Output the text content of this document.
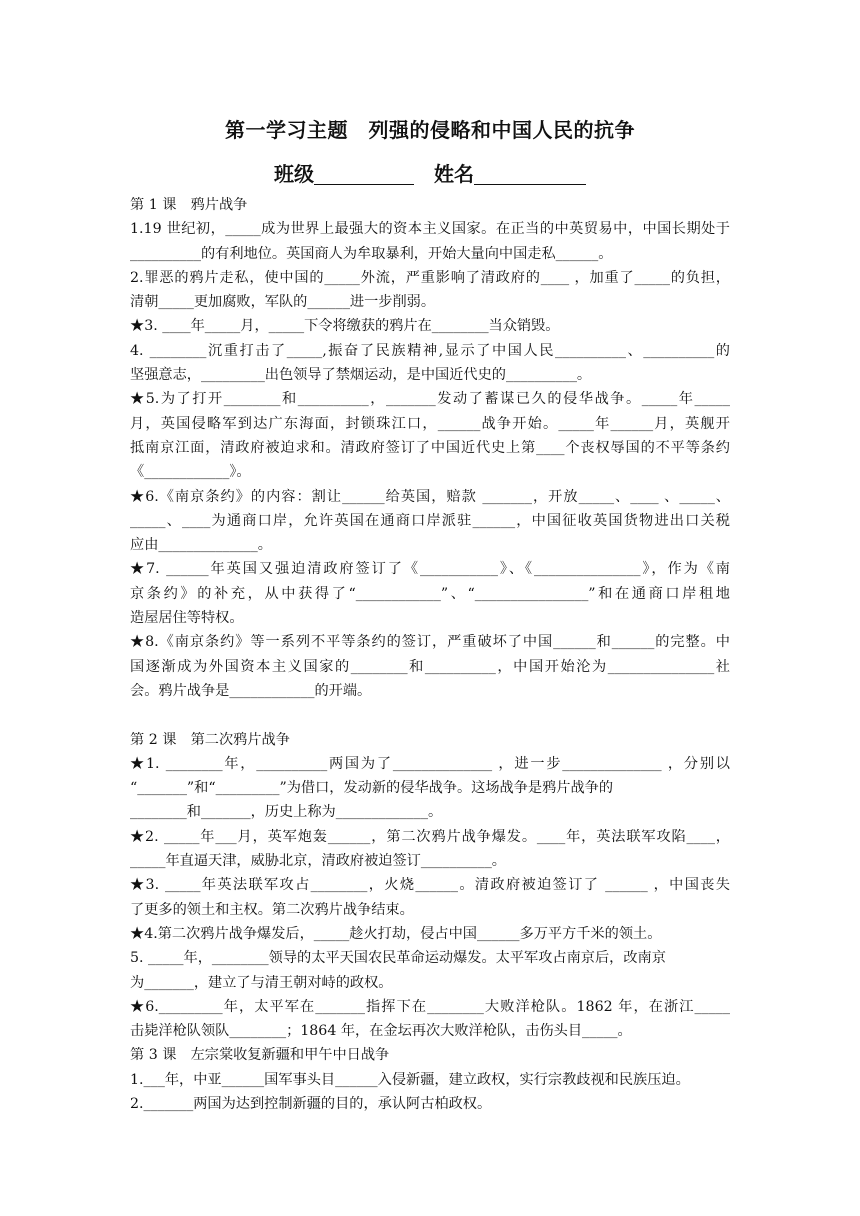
第一学习主题　列强的侵略和中国人民的抗争
班级	姓名
第 1 课　鸦片战争
1.19 世纪初，_____成为世界上最强大的资本主义国家。在正当的中英贸易中，中国长期处于
__________的有利地位。英国商人为牟取暴利，开始大量向中国走私______。
2.罪恶的鸦片走私，使中国的_____外流，严重影响了清政府的____ ，加重了_____的负担，
清朝_____更加腐败，军队的______进一步削弱。
★3. ____年_____月，_____下令将缴获的鸦片在________当众销毁。
4. ________沉重打击了_____,振奋了民族精神,显示了中国人民__________、__________的
坚强意志，_________出色领导了禁烟运动，是中国近代史的__________。
★5.为了打开________和__________，_______发动了蓄谋已久的侵华战争。_____年_____
月，英国侵略军到达广东海面，封锁珠江口，______战争开始。_____年______月，英舰开
抵南京江面，清政府被迫求和。清政府签订了中国近代史上第____个丧权辱国的不平等条约
《____________》。
★6.《南京条约》的内容：割让______给英国，赔款 _______，开放_____、____ 、_____、
_____、____为通商口岸，允许英国在通商口岸派驻______，中国征收英国货物进出口关税
应由______________。
★7. ______年英国又强迫清政府签订了《___________》、《_______________》，作为《南
京条约》的补充，从中获得了“____________”、“________________”和在通商口岸租地
造屋居住等特权。
★8.《南京条约》等一系列不平等条约的签订，严重破坏了中国______和______的完整。中
国逐渐成为外国资本主义国家的________和__________，中国开始沦为_______________社
会。鸦片战争是____________的开端。
第 2 课　第二次鸦片战争
★1. ________年，__________两国为了______________ ，进一步______________ ，分别以
“_______”和“_________”为借口，发动新的侵华战争。这场战争是鸦片战争的
________和_______，历史上称为_____________。
★2. _____年___月，英军炮轰______，第二次鸦片战争爆发。____年，英法联军攻陷____，
_____年直逼天津，威胁北京，清政府被迫签订__________。
★3. _____年英法联军攻占________，火烧______。清政府被迫签订了 ______ ，中国丧失
了更多的领土和主权。第二次鸦片战争结束。
★4.第二次鸦片战争爆发后，_____趁火打劫，侵占中国______多万平方千米的领土。
5. _____年，________领导的太平天国农民革命运动爆发。太平军攻占南京后，改南京
为_______，建立了与清王朝对峙的政权。
★6._________年，太平军在_______指挥下在________大败洋枪队。1862 年，在浙江_____
击毙洋枪队领队________；1864 年，在金坛再次大败洋枪队，击伤头目_____。
第 3 课　左宗棠收复新疆和甲午中日战争
1.___年，中亚______国军事头目______入侵新疆，建立政权，实行宗教歧视和民族压迫。
2._______两国为达到控制新疆的目的，承认阿古柏政权。
